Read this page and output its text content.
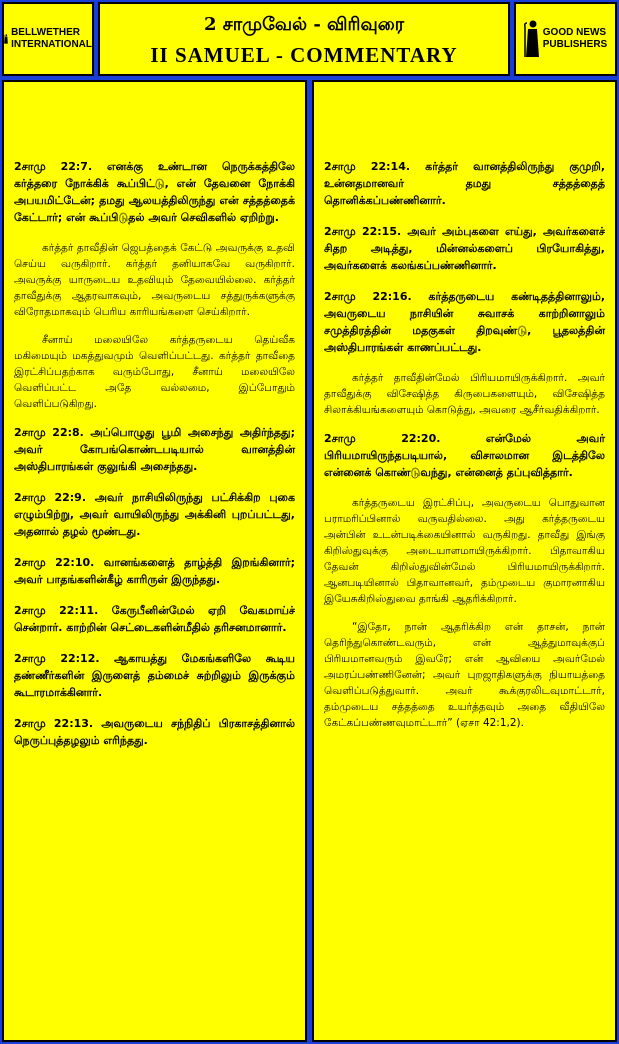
BELLWETHER
INTERNATIONAL
2 சாமுவேல் - விரிவுரை
II SAMUEL - COMMENTARY
GOOD NEWS
PUBLISHERS

2சாமு 22:7. எனக்கு உண்டான நெருக்கத்திலே கர்த்தரை நோக்கிக் கூப்பிட்டு, என் தேவனை நோக்கி அபயமிட்டேன்; தமது ஆலயத்திலிருந்து என் சத்தத்தைக் கேட்டார்; என் கூப்பிடுதல் அவர் செவிகளில் ஏறிற்று.

கர்த்தர் தாவீதின் ஜெபத்தைக் கேட்டு அவருக்கு உதவி செய்ய வருகிறார். கர்த்தர் தனியாகவே வருகிறார். அவருக்கு யாருடைய உதவியும் தேவையில்லை. கர்த்தர் தாவீதுக்கு ஆதரவாகவும், அவருடைய சத்துருக்களுக்கு விரோதமாகவும் பெரிய காரியங்களை செய்கிறார்.

சீனாய் மலையிலே கர்த்தருடைய தெய்வீக மகிமையும் மகத்துவமும் வெளிப்பட்டது. கர்த்தர் தாவீதை இரட்சிப்பதற்காக வரும்போது, சீனாய் மலையிலே வெளிப்பட்ட அதே வல்லமை, இப்போதும் வெளிப்படுகிறது.

2சாமு 22:8. அப்பொழுது பூமி அசைந்து அதிர்ந்தது; அவர் கோபங்கொண்டபடியால் வானத்தின் அஸ்திபாரங்கள் குலுங்கி அசைந்தது.

2சாமு 22:9. அவர் நாசியிலிருந்து பட்சிக்கிற புகை எழும்பிற்று, அவர் வாயிலிருந்து அக்கினி புறப்பட்டது, அதனால் தழல் மூண்டது.

2சாமு 22:10. வானங்களைத் தாழ்த்தி இறங்கினார்; அவர் பாதங்களின்கீழ் காரிருள் இருந்தது.

2சாமு 22:11. கேருபீனின்மேல் ஏறி வேகமாய்ச் சென்றார். காற்றின் செட்டைகளின்மீதில் தரிசனமானார்.

2சாமு 22:12. ஆகாயத்து மேகங்களிலே கூடிய தண்ணீர்களின் இருளைத் தம்மைச் சுற்றிலும் இருக்கும் கூடாரமாக்கினார்.

2சாமு 22:13. அவருடைய சந்நிதிப் பிரகாசத்தினால் நெருப்புத்தழலும் எரிந்தது.

2சாமு 22:14. கர்த்தர் வானத்திலிருந்து குமுறி, உன்னதமானவர் தமது சத்தத்தைத் தொனிக்கப்பண்ணினார்.

2சாமு 22:15. அவர் அம்புகளை எய்து, அவர்களைச் சிதற அடித்து, மின்னல்களைப் பிரயோகித்து, அவர்களைக் கலங்கப்பண்ணினார்.

2சாமு 22:16. கர்த்தருடைய கண்டிதத்தினாலும், அவருடைய நாசியின் சுவாசக் காற்றினாலும் சமுத்திரத்தின் மதகுகள் திறவுண்டு, பூதலத்தின் அஸ்திபாரங்கள் காணப்பட்டது.

கர்த்தர் தாவீதின்மேல் பிரியமாயிருக்கிறார். அவர் தாவீதுக்கு விசேஷித்த கிருபைகளையும், விசேஷித்த சிலாக்கியங்களையும் கொடுத்து, அவரை ஆசீர்வதிக்கிறார்.

2சாமு 22:20. என்மேல் அவர் பிரியமாயிருந்தபடியால், விசாலமான இடத்திலே என்னைக் கொண்டுவந்து, என்னைத் தப்புவித்தார்.

கர்த்தருடைய இரட்சிப்பு, அவருடைய பொதுவான பராமரிப்பினால் வருவதில்லை. அது கர்த்தருடைய அன்பின் உடன்படிக்கையினால் வருகிறது. தாவீது இங்கு கிறிஸ்துவுக்கு அடையாளமாயிருக்கிறார். பிதாவாகிய தேவன் கிறிஸ்துவின்மேல் பிரியமாயிருக்கிறார். ஆனபடியினால் பிதாவானவர், தம்முடைய குமாரனாகிய இயேசுகிறிஸ்துவை தாங்கி ஆதரிக்கிறார்.

“இதோ, நான் ஆதரிக்கிற என் தாசன், நான் தெரிந்துகொண்டவரும், என் ஆத்துமாவுக்குப் பிரியமானவரும் இவரே; என் ஆவியை அவர்மேல் அமரப்பண்ணினேன்; அவர் புறஜாதிகளுக்கு நியாயத்தை வெளிப்படுத்துவார். அவர் கூக்குரலிடவுமாட்டார், தம்முடைய சத்தத்தை உயர்த்தவும் அதை வீதியிலே கேட்கப்பண்ணவுமாட்டார்” (ஏசா 42:1,2).
